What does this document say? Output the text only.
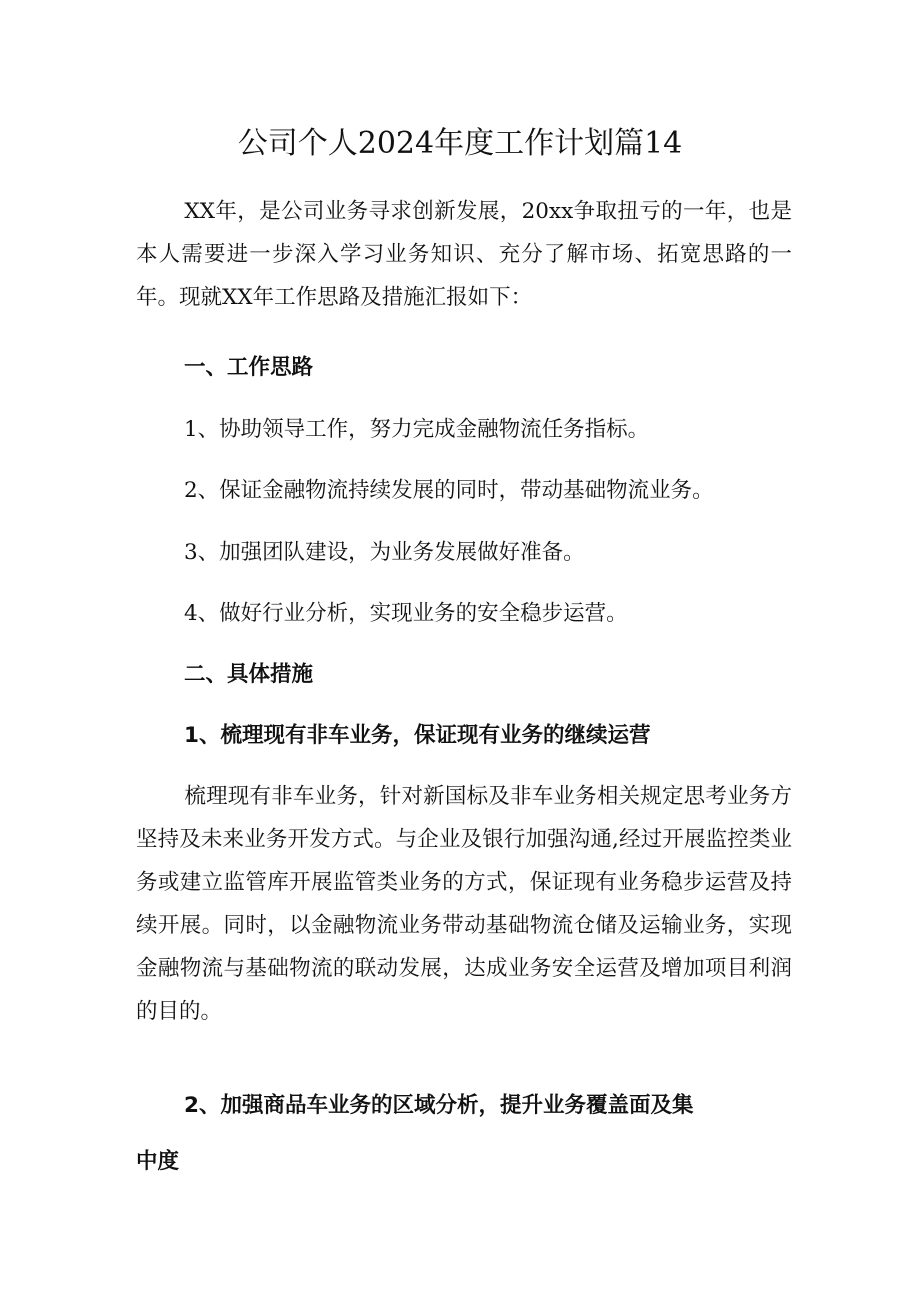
公司个人2024年度工作计划篇14

XX年，是公司业务寻求创新发展，20xx争取扭亏的一年，也是本人需要进一步深入学习业务知识、充分了解市场、拓宽思路的一年。现就XX年工作思路及措施汇报如下：

一、工作思路
1、协助领导工作，努力完成金融物流任务指标。
2、保证金融物流持续发展的同时，带动基础物流业务。
3、加强团队建设，为业务发展做好准备。
4、做好行业分析，实现业务的安全稳步运营。
二、具体措施
1、梳理现有非车业务，保证现有业务的继续运营

梳理现有非车业务，针对新国标及非车业务相关规定思考业务方坚持及未来业务开发方式。与企业及银行加强沟通,经过开展监控类业务或建立监管库开展监管类业务的方式，保证现有业务稳步运营及持续开展。同时，以金融物流业务带动基础物流仓储及运输业务，实现金融物流与基础物流的联动发展，达成业务安全运营及增加项目利润的目的。

2、加强商品车业务的区域分析，提升业务覆盖面及集
中度
